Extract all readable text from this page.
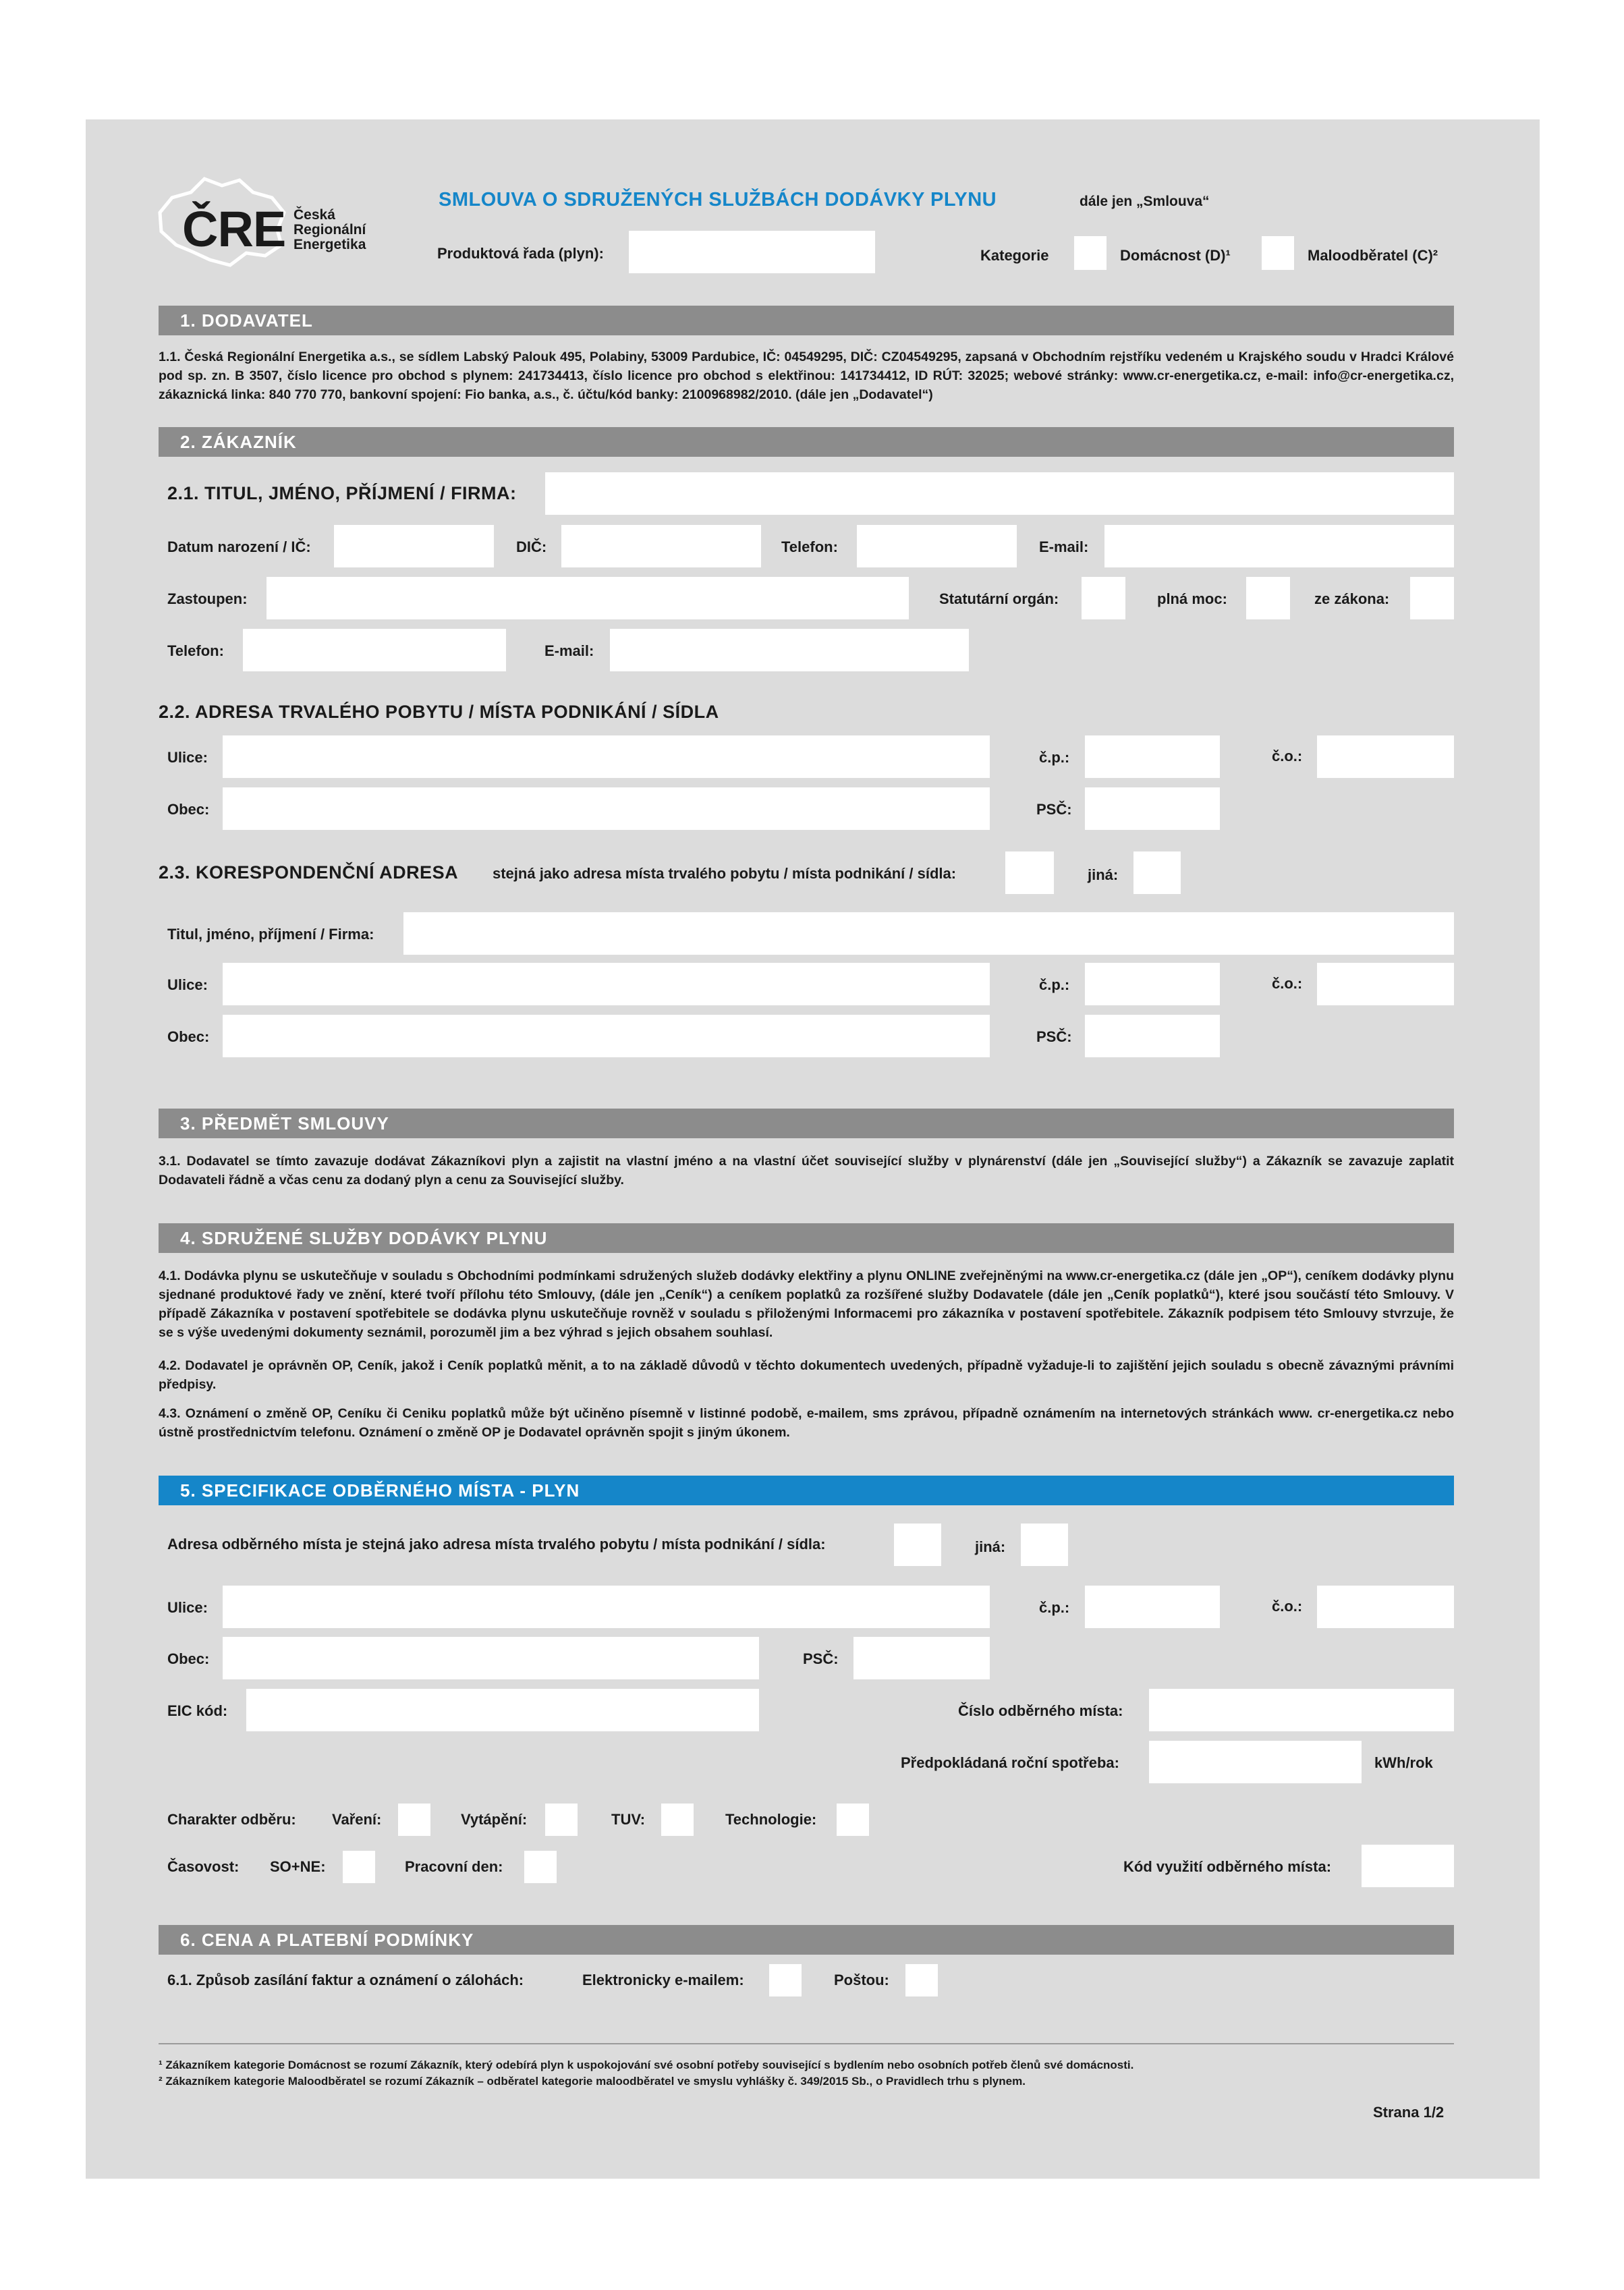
ČRE Česká
Regionální
Energetika
SMLOUVA O SDRUŽENÝCH SLUŽBÁCH DODÁVKY PLYNU	dále jen „Smlouva“
Produktová řada (plyn):	Kategorie	Domácnost (D)¹	Maloodběratel (C)²
1. DODAVATEL
1.1. Česká Regionální Energetika a.s., se sídlem Labský Palouk 495, Polabiny, 53009 Pardubice, IČ: 04549295, DIČ: CZ04549295, zapsaná v Obchodním rejstříku vedeném u Krajského soudu v Hradci Králové pod sp. zn. B 3507, číslo licence pro obchod s plynem: 241734413, číslo licence pro obchod s elektřinou: 141734412, ID RÚT: 32025; webové stránky: www.cr-energetika.cz, e-mail: info@cr-energetika.cz, zákaznická linka: 840 770 770, bankovní spojení: Fio banka, a.s., č. účtu/kód banky: 2100968982/2010. (dále jen „Dodavatel“)
2. ZÁKAZNÍK
2.1. TITUL, JMÉNO, PŘÍJMENÍ / FIRMA:
Datum narození / IČ:	DIČ:	Telefon:	E-mail:
Zastoupen:	Statutární orgán:	plná moc:	ze zákona:
Telefon:	E-mail:
2.2. ADRESA TRVALÉHO POBYTU / MÍSTA PODNIKÁNÍ / SÍDLA
Ulice:	č.p.:	č.o.:
Obec:	PSČ:
2.3. KORESPONDENČNÍ ADRESA stejná jako adresa místa trvalého pobytu / místa podnikání / sídla:	jiná:
Titul, jméno, příjmení / Firma:
Ulice:	č.p.:	č.o.:
Obec:	PSČ:
3. PŘEDMĚT SMLOUVY
3.1. Dodavatel se tímto zavazuje dodávat Zákazníkovi plyn a zajistit na vlastní jméno a na vlastní účet související služby v plynárenství (dále jen „Související služby“) a Zákazník se zavazuje zaplatit Dodavateli řádně a včas cenu za dodaný plyn a cenu za Související služby.
4. SDRUŽENÉ SLUŽBY DODÁVKY PLYNU
4.1. Dodávka plynu se uskutečňuje v souladu s Obchodními podmínkami sdružených služeb dodávky elektřiny a plynu ONLINE zveřejněnými na www.cr-energetika.cz (dále jen „OP“), ceníkem dodávky plynu sjednané produktové řady ve znění, které tvoří přílohu této Smlouvy, (dále jen „Ceník“) a ceníkem poplatků za rozšířené služby Dodavatele (dále jen „Ceník poplatků“), které jsou součástí této Smlouvy. V případě Zákazníka v postavení spotřebitele se dodávka plynu uskutečňuje rovněž v souladu s přiloženými Informacemi pro zákazníka v postavení spotřebitele. Zákazník podpisem této Smlouvy stvrzuje, že se s výše uvedenými dokumenty seznámil, porozuměl jim a bez výhrad s jejich obsahem souhlasí.
4.2. Dodavatel je oprávněn OP, Ceník, jakož i Ceník poplatků měnit, a to na základě důvodů v těchto dokumentech uvedených, případně vyžaduje-li to zajištění jejich souladu s obecně závaznými právními předpisy.
4.3. Oznámení o změně OP, Ceníku či Ceniku poplatků může být učiněno písemně v listinné podobě, e-mailem, sms zprávou, případně oznámením na internetových stránkách www. cr-energetika.cz nebo ústně prostřednictvím telefonu. Oznámení o změně OP je Dodavatel oprávněn spojit s jiným úkonem.
5. SPECIFIKACE ODBĚRNÉHO MÍSTA - PLYN
Adresa odběrného místa je stejná jako adresa místa trvalého pobytu / místa podnikání / sídla:	jiná:
Ulice:	č.p.:	č.o.:
Obec:	PSČ:
EIC kód:	Číslo odběrného místa:
Předpokládaná roční spotřeba:	kWh/rok
Charakter odběru: Vaření:	Vytápění:	TUV:	Technologie:
Časovost: SO+NE:	Pracovní den:	Kód využití odběrného místa:
6. CENA A PLATEBNÍ PODMÍNKY
6.1. Způsob zasílání faktur a oznámení o zálohách:	Elektronicky e-mailem:	Poštou:
¹ Zákazníkem kategorie Domácnost se rozumí Zákazník, který odebírá plyn k uspokojování své osobní potřeby související s bydlením nebo osobních potřeb členů své domácnosti.
² Zákazníkem kategorie Maloodběratel se rozumí Zákazník – odběratel kategorie maloodběratel ve smyslu vyhlášky č. 349/2015 Sb., o Pravidlech trhu s plynem.
Strana 1/2
